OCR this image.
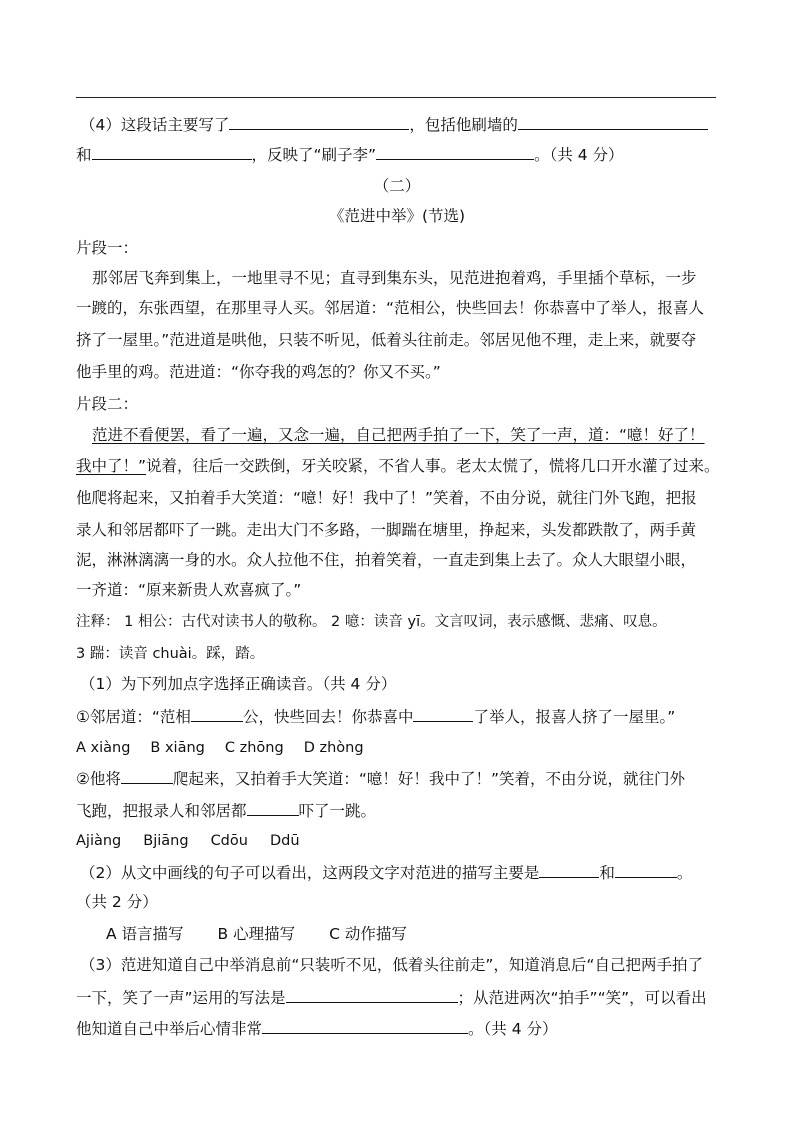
（4）这段话主要写了	，包括他刷墙的
和	，反映了“刷子李”	。（共 4 分）
（二）
《范进中举》(节选)
片段一：
那邻居飞奔到集上，一地里寻不见；直寻到集东头，见范进抱着鸡，手里插个草标，一步
一踱的，东张西望，在那里寻人买。邻居道：“范相公，快些回去！你恭喜中了举人，报喜人
挤了一屋里。”范进道是哄他，只装不听见，低着头往前走。邻居见他不理，走上来，就要夺
他手里的鸡。范进道：“你夺我的鸡怎的？你又不买。”
片段二：
范进不看便罢，看了一遍，又念一遍，自己把两手拍了一下，笑了一声，道：“噫！好了！
我中了！”说着，往后一交跌倒，牙关咬紧，不省人事。老太太慌了，慌将几口开水灌了过来。
他爬将起来，又拍着手大笑道：“噫！好！我中了！”笑着，不由分说，就往门外飞跑，把报
录人和邻居都吓了一跳。走出大门不多路，一脚踹在塘里，挣起来，头发都跌散了，两手黄
泥，淋淋漓漓一身的水。众人拉他不住，拍着笑着，一直走到集上去了。众人大眼望小眼，
一齐道：“原来新贵人欢喜疯了。”
注释： 1 相公：古代对读书人的敬称。 2 噫：读音 yī。文言叹词，表示感慨、悲痛、叹息。
3 踹：读音 chuài。踩，踏。
（1）为下列加点字选择正确读音。（共 4 分）
①邻居道：“范相	公，快些回去！你恭喜中	了举人，报喜人挤了一屋里。”
A xiàng B xiāng C zhōng D zhòng
②他将	爬起来，又拍着手大笑道：“噫！好！我中了！”笑着，不由分说，就往门外
飞跑，把报录人和邻居都	吓了一跳。
Ajiàng Bjiāng Cdōu Ddū
（2）从文中画线的句子可以看出，这两段文字对范进的描写主要是	和	。
（共 2 分）
A 语言描写 B 心理描写 C 动作描写
（3）范进知道自己中举消息前“只装听不见，低着头往前走”，知道消息后“自己把两手拍了
一下，笑了一声”运用的写法是	；从范进两次“拍手”“笑”，可以看出
他知道自己中举后心情非常	。（共 4 分）
